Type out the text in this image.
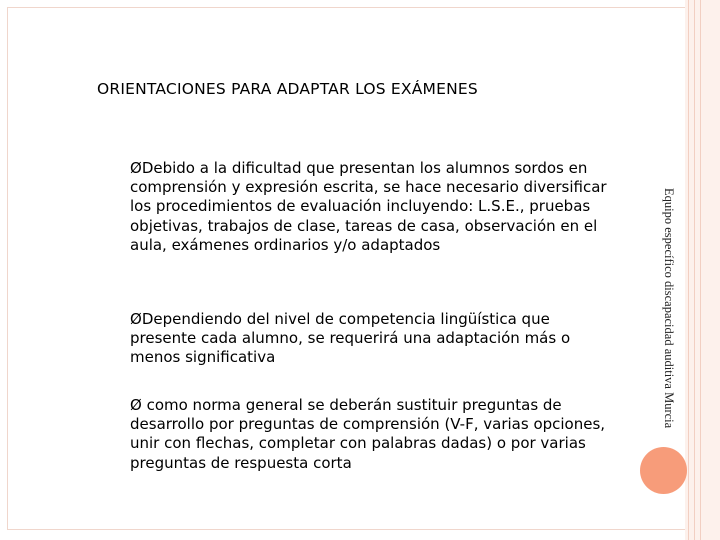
ORIENTACIONES PARA ADAPTAR LOS EXÁMENES
Equipo específico discapacidad auditiva Murcia
ØDebido a la dificultad que presentan los alumnos sordos en comprensión y expresión escrita, se hace necesario diversificar los procedimientos de evaluación incluyendo: L.S.E., pruebas objetivas, trabajos de clase, tareas de casa, observación en el aula, exámenes ordinarios y/o adaptados
ØDependiendo del nivel de competencia lingüística que presente cada alumno, se requerirá una adaptación más o menos significativa
Ø como norma general se deberán sustituir preguntas de desarrollo por preguntas de comprensión (V-F, varias opciones, unir con flechas, completar con palabras dadas) o por varias preguntas de respuesta corta
